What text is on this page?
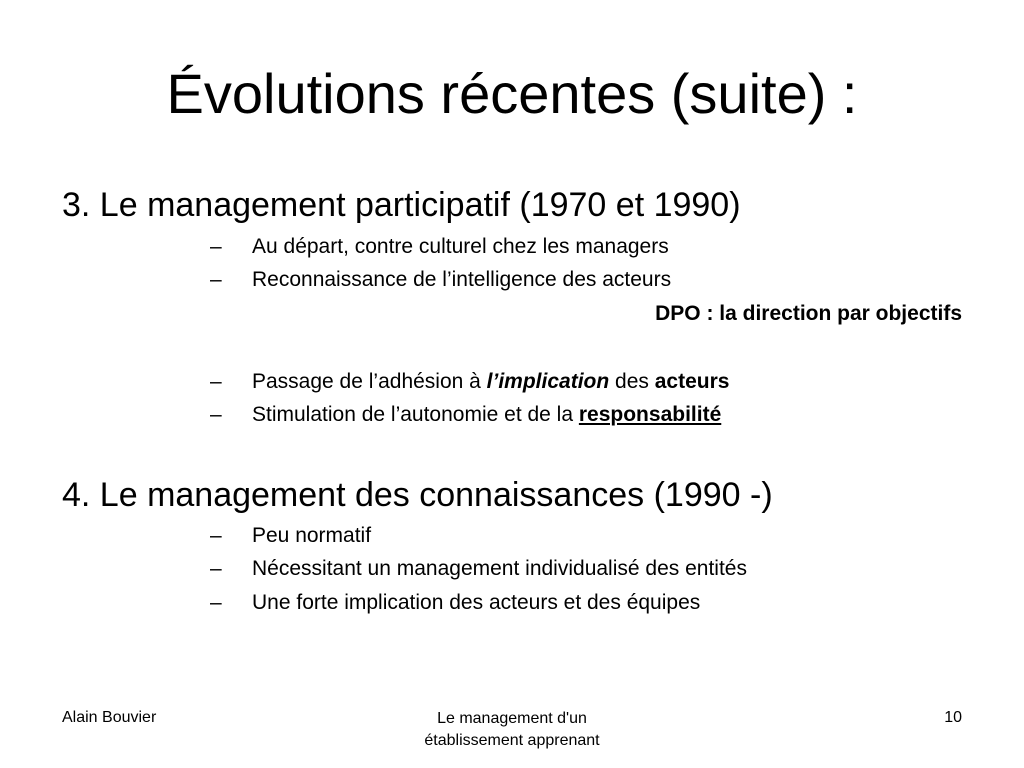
Évolutions récentes (suite) :
3. Le management participatif (1970 et 1990)
– Au départ, contre culturel chez les managers
– Reconnaissance de l’intelligence des acteurs
DPO : la direction par objectifs
– Passage de l’adhésion à l’implication des acteurs
– Stimulation de l’autonomie et de la responsabilité
4. Le management des connaissances (1990 -)
– Peu normatif
– Nécessitant un management individualisé des entités
– Une forte implication des acteurs et des équipes
Alain Bouvier	Le management d'un
établissement apprenant
10
